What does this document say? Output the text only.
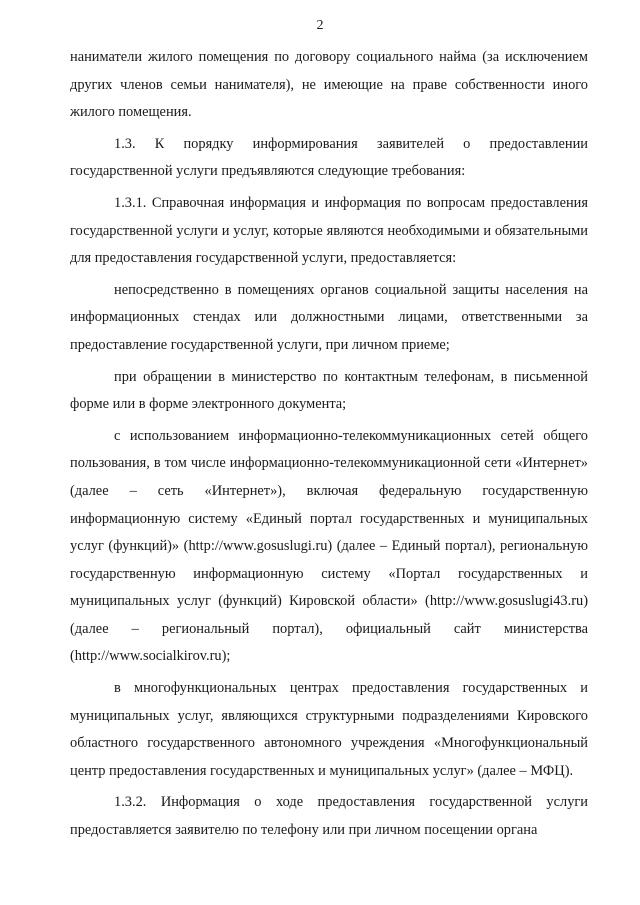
2

наниматели жилого помещения по договору социального найма (за исключением других членов семьи нанимателя), не имеющие на праве собственности иного жилого помещения.

1.3. К порядку информирования заявителей о предоставлении государственной услуги предъявляются следующие требования:

1.3.1. Справочная информация и информация по вопросам предоставления государственной услуги и услуг, которые являются необходимыми и обязательными для предоставления государственной услуги, предоставляется:

непосредственно в помещениях органов социальной защиты населения на информационных стендах или должностными лицами, ответственными за предоставление государственной услуги, при личном приеме;

при обращении в министерство по контактным телефонам, в письменной форме или в форме электронного документа;

с использованием информационно-телекоммуникационных сетей общего пользования, в том числе информационно-телекоммуникационной сети «Интернет» (далее – сеть «Интернет»), включая федеральную государственную информационную систему «Единый портал государственных и муниципальных услуг (функций)» (http://www.gosuslugi.ru) (далее – Единый портал), региональную государственную информационную систему «Портал государственных и муниципальных услуг (функций) Кировской области» (http://www.gosuslugi43.ru) (далее – региональный портал), официальный сайт министерства (http://www.socialkirov.ru);

в многофункциональных центрах предоставления государственных и муниципальных услуг, являющихся структурными подразделениями Кировского областного государственного автономного учреждения «Многофункциональный центр предоставления государственных и муниципальных услуг» (далее – МФЦ).

1.3.2. Информация о ходе предоставления государственной услуги предоставляется заявителю по телефону или при личном посещении органа
